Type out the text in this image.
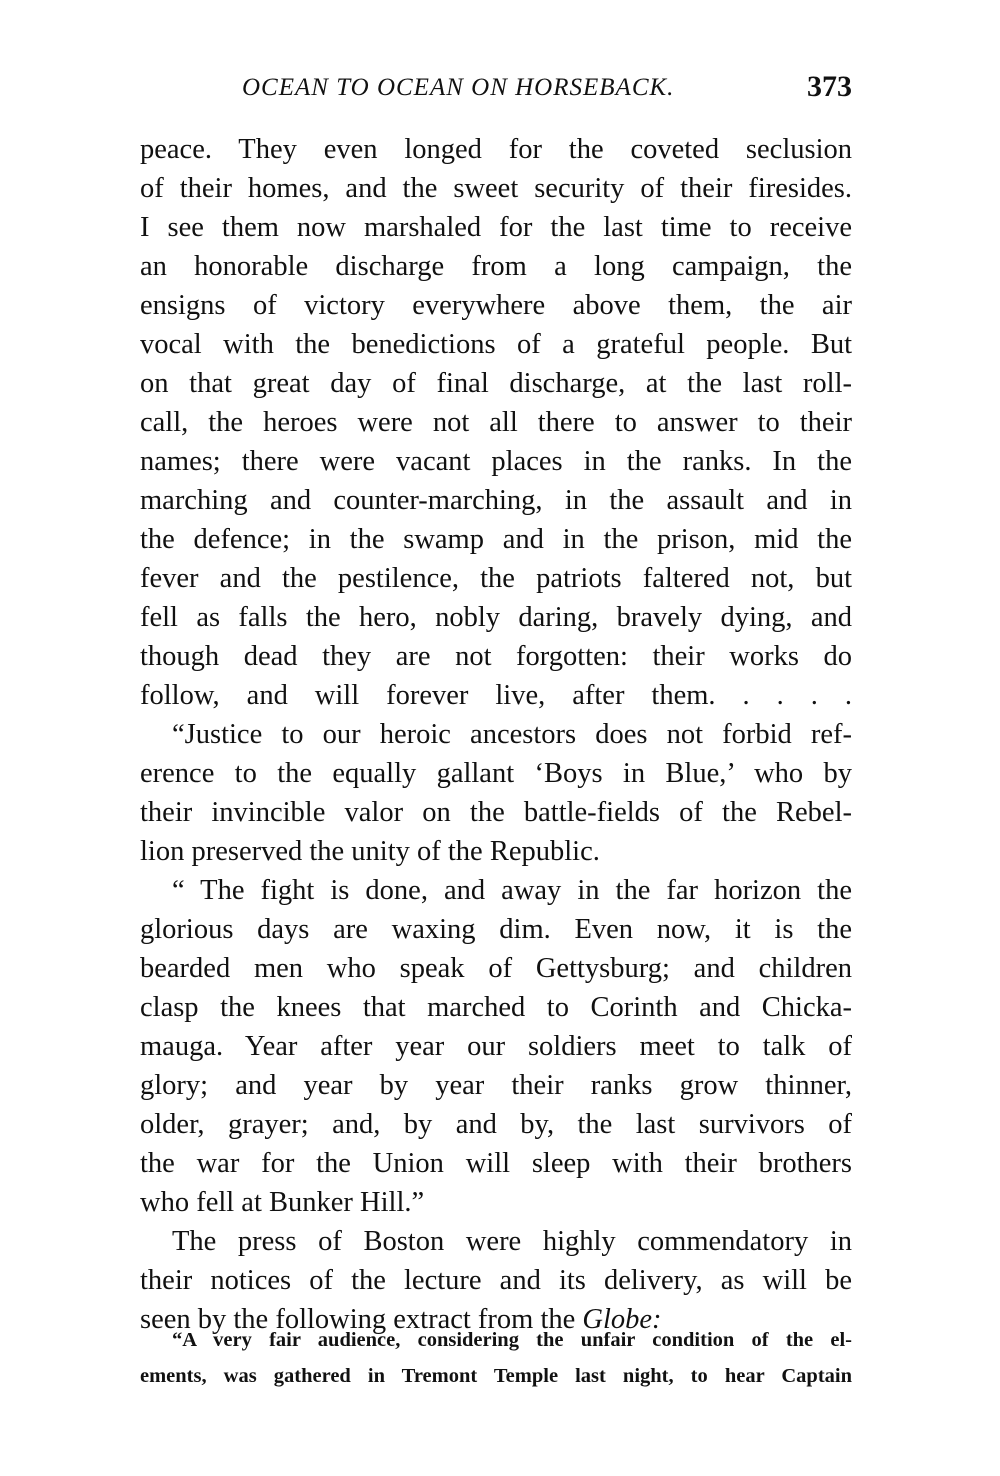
OCEAN TO OCEAN ON HORSEBACK.	373
peace. They even longed for the coveted seclusion
of their homes, and the sweet security of their firesides.
I see them now marshaled for the last time to receive
an honorable discharge from a long campaign, the
ensigns of victory everywhere above them, the air
vocal with the benedictions of a grateful people. But
on that great day of final discharge, at the last roll-
call, the heroes were not all there to answer to their
names; there were vacant places in the ranks. In the
marching and counter-marching, in the assault and in
the defence; in the swamp and in the prison, mid the
fever and the pestilence, the patriots faltered not, but
fell as falls the hero, nobly daring, bravely dying, and
though dead they are not forgotten: their works do
follow, and will forever live, after them. . . . .
“Justice to our heroic ancestors does not forbid ref-
erence to the equally gallant ‘Boys in Blue,’ who by
their invincible valor on the battle-fields of the Rebel-
lion preserved the unity of the Republic.
“ The fight is done, and away in the far horizon the
glorious days are waxing dim. Even now, it is the
bearded men who speak of Gettysburg; and children
clasp the knees that marched to Corinth and Chicka-
mauga. Year after year our soldiers meet to talk of
glory; and year by year their ranks grow thinner,
older, grayer; and, by and by, the last survivors of
the war for the Union will sleep with their brothers
who fell at Bunker Hill.”
The press of Boston were highly commendatory in
their notices of the lecture and its delivery, as will be
seen by the following extract from the Globe:
“A very fair audience, considering the unfair condition of the el-
ements, was gathered in Tremont Temple last night, to hear Captain
